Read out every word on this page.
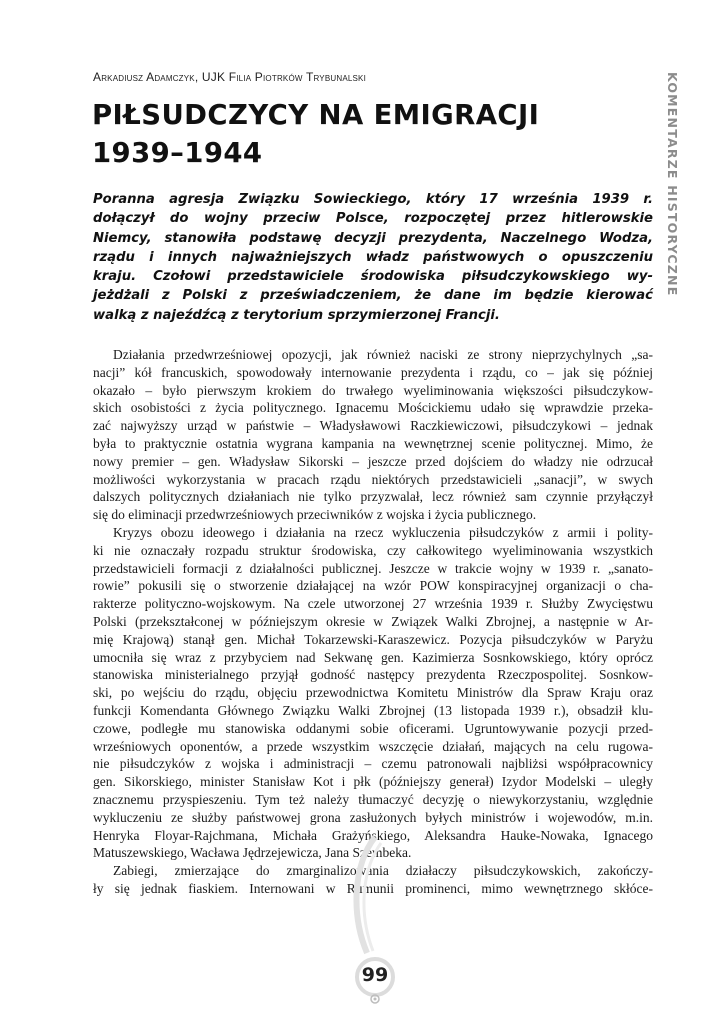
Arkadiusz Adamczyk, UJK Filia Piotrków Trybunalski
PIŁSUDCZYCY NA EMIGRACJI
1939–1944
Poranna agresja Związku Sowieckiego, który 17 września 1939 r.
dołączył do wojny przeciw Polsce, rozpoczętej przez hitlerowskie
Niemcy, stanowiła podstawę decyzji prezydenta, Naczelnego Wodza,
rządu i innych najważniejszych władz państwowych o opuszczeniu
kraju. Czołowi przedstawiciele środowiska piłsudczykowskiego wy-
jeżdżali z Polski z przeświadczeniem, że dane im będzie kierować
walką z najeźdźcą z terytorium sprzymierzonej Francji.
Działania przedwrześniowej opozycji, jak również naciski ze strony nieprzychylnych „sa-
nacji” kół francuskich, spowodowały internowanie prezydenta i rządu, co – jak się później
okazało – było pierwszym krokiem do trwałego wyeliminowania większości piłsudczykow-
skich osobistości z życia politycznego. Ignacemu Mościckiemu udało się wprawdzie przeka-
zać najwyższy urząd w państwie – Władysławowi Raczkiewiczowi, piłsudczykowi – jednak
była to praktycznie ostatnia wygrana kampania na wewnętrznej scenie politycznej. Mimo, że
nowy premier – gen. Władysław Sikorski – jeszcze przed dojściem do władzy nie odrzucał
możliwości wykorzystania w pracach rządu niektórych przedstawicieli „sanacji”, w swych
dalszych politycznych działaniach nie tylko przyzwalał, lecz również sam czynnie przyłączył
się do eliminacji przedwrześniowych przeciwników z wojska i życia publicznego.
Kryzys obozu ideowego i działania na rzecz wykluczenia piłsudczyków z armii i polity-
ki nie oznaczały rozpadu struktur środowiska, czy całkowitego wyeliminowania wszystkich
przedstawicieli formacji z działalności publicznej. Jeszcze w trakcie wojny w 1939 r. „sanato-
rowie” pokusili się o stworzenie działającej na wzór POW konspiracyjnej organizacji o cha-
rakterze polityczno-wojskowym. Na czele utworzonej 27 września 1939 r. Służby Zwycięstwu
Polski (przekształconej w późniejszym okresie w Związek Walki Zbrojnej, a następnie w Ar-
mię Krajową) stanął gen. Michał Tokarzewski-Karaszewicz. Pozycja piłsudczyków w Paryżu
umocniła się wraz z przybyciem nad Sekwanę gen. Kazimierza Sosnkowskiego, który oprócz
stanowiska ministerialnego przyjął godność następcy prezydenta Rzeczpospolitej. Sosnkow-
ski, po wejściu do rządu, objęciu przewodnictwa Komitetu Ministrów dla Spraw Kraju oraz
funkcji Komendanta Głównego Związku Walki Zbrojnej (13 listopada 1939 r.), obsadził klu-
czowe, podległe mu stanowiska oddanymi sobie oficerami. Ugruntowywanie pozycji przed-
wrześniowych oponentów, a przede wszystkim wszczęcie działań, mających na celu rugowa-
nie piłsudczyków z wojska i administracji – czemu patronowali najbliżsi współpracownicy
gen. Sikorskiego, minister Stanisław Kot i płk (późniejszy generał) Izydor Modelski – uległy
znacznemu przyspieszeniu. Tym też należy tłumaczyć decyzję o niewykorzystaniu, względnie
wykluczeniu ze służby państwowej grona zasłużonych byłych ministrów i wojewodów, m.in.
Henryka Floyar-Rajchmana, Michała Grażyńskiego, Aleksandra Hauke-Nowaka, Ignacego
Matuszewskiego, Wacława Jędrzejewicza, Jana Szembeka.
Zabiegi, zmierzające do zmarginalizowania działaczy piłsudczykowskich, zakończy-
ły się jednak fiaskiem. Internowani w Rumunii prominenci, mimo wewnętrznego skłóce-
KOMENTARZE HISTORYCZNE
99
